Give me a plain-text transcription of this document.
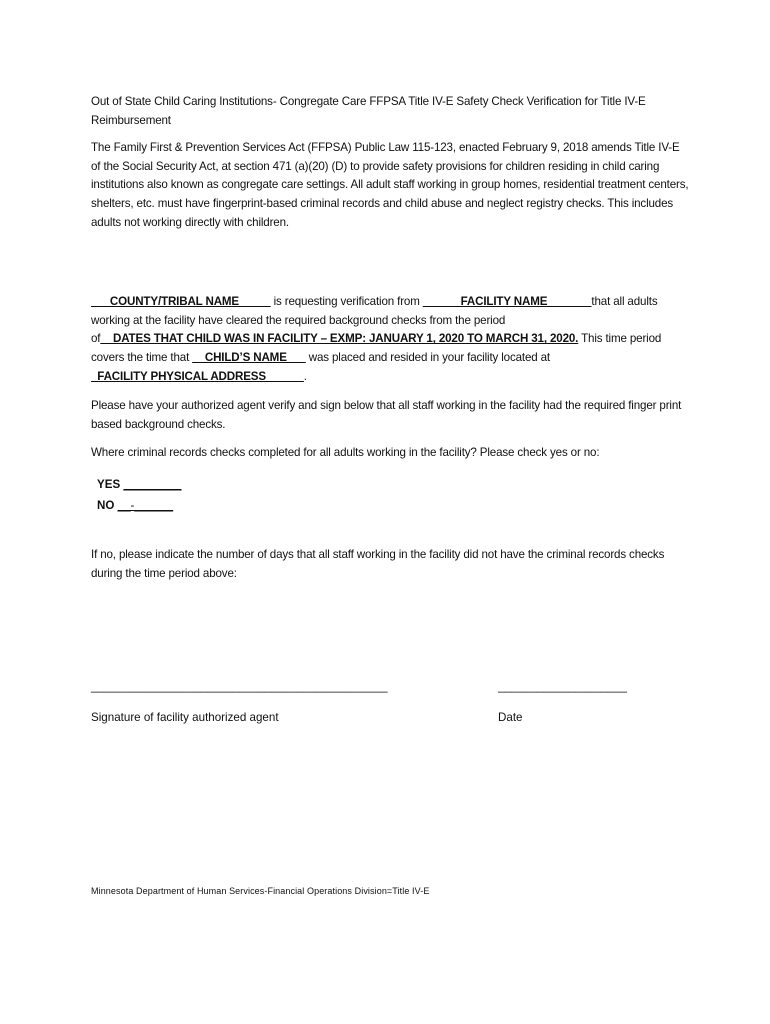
Out of State Child Caring Institutions- Congregate Care FFPSA Title IV-E Safety Check Verification for Title IV-E Reimbursement
The Family First & Prevention Services Act (FFPSA) Public Law 115-123, enacted February 9, 2018 amends Title IV-E of the Social Security Act, at section 471 (a)(20) (D) to provide safety provisions for children residing in child caring institutions also known as congregate care settings. All adult staff working in group homes, residential treatment centers, shelters, etc. must have fingerprint-based criminal records and child abuse and neglect registry checks. This includes adults not working directly with children.
___COUNTY/TRIBAL NAME_____ is requesting verification from ______FACILITY NAME_______that all adults working at the facility have cleared the required background checks from the period of__DATES THAT CHILD WAS IN FACILITY – EXMP: JANUARY 1, 2020 TO MARCH 31, 2020. This time period covers the time that __CHILD’S NAME___ was placed and resided in your facility located at _FACILITY PHYSICAL ADDRESS______.
Please have your authorized agent verify and sign below that all staff working in the facility had the required finger print based background checks.
Where criminal records checks completed for all adults working in the facility? Please check yes or no:
YES _________
NO __-______
If no, please indicate the number of days that all staff working in the facility did not have the criminal records checks during the time period above:
______________________________________________	____________________
Signature of facility authorized agent	Date
Minnesota Department of Human Services-Financial Operations Division=Title IV-E
